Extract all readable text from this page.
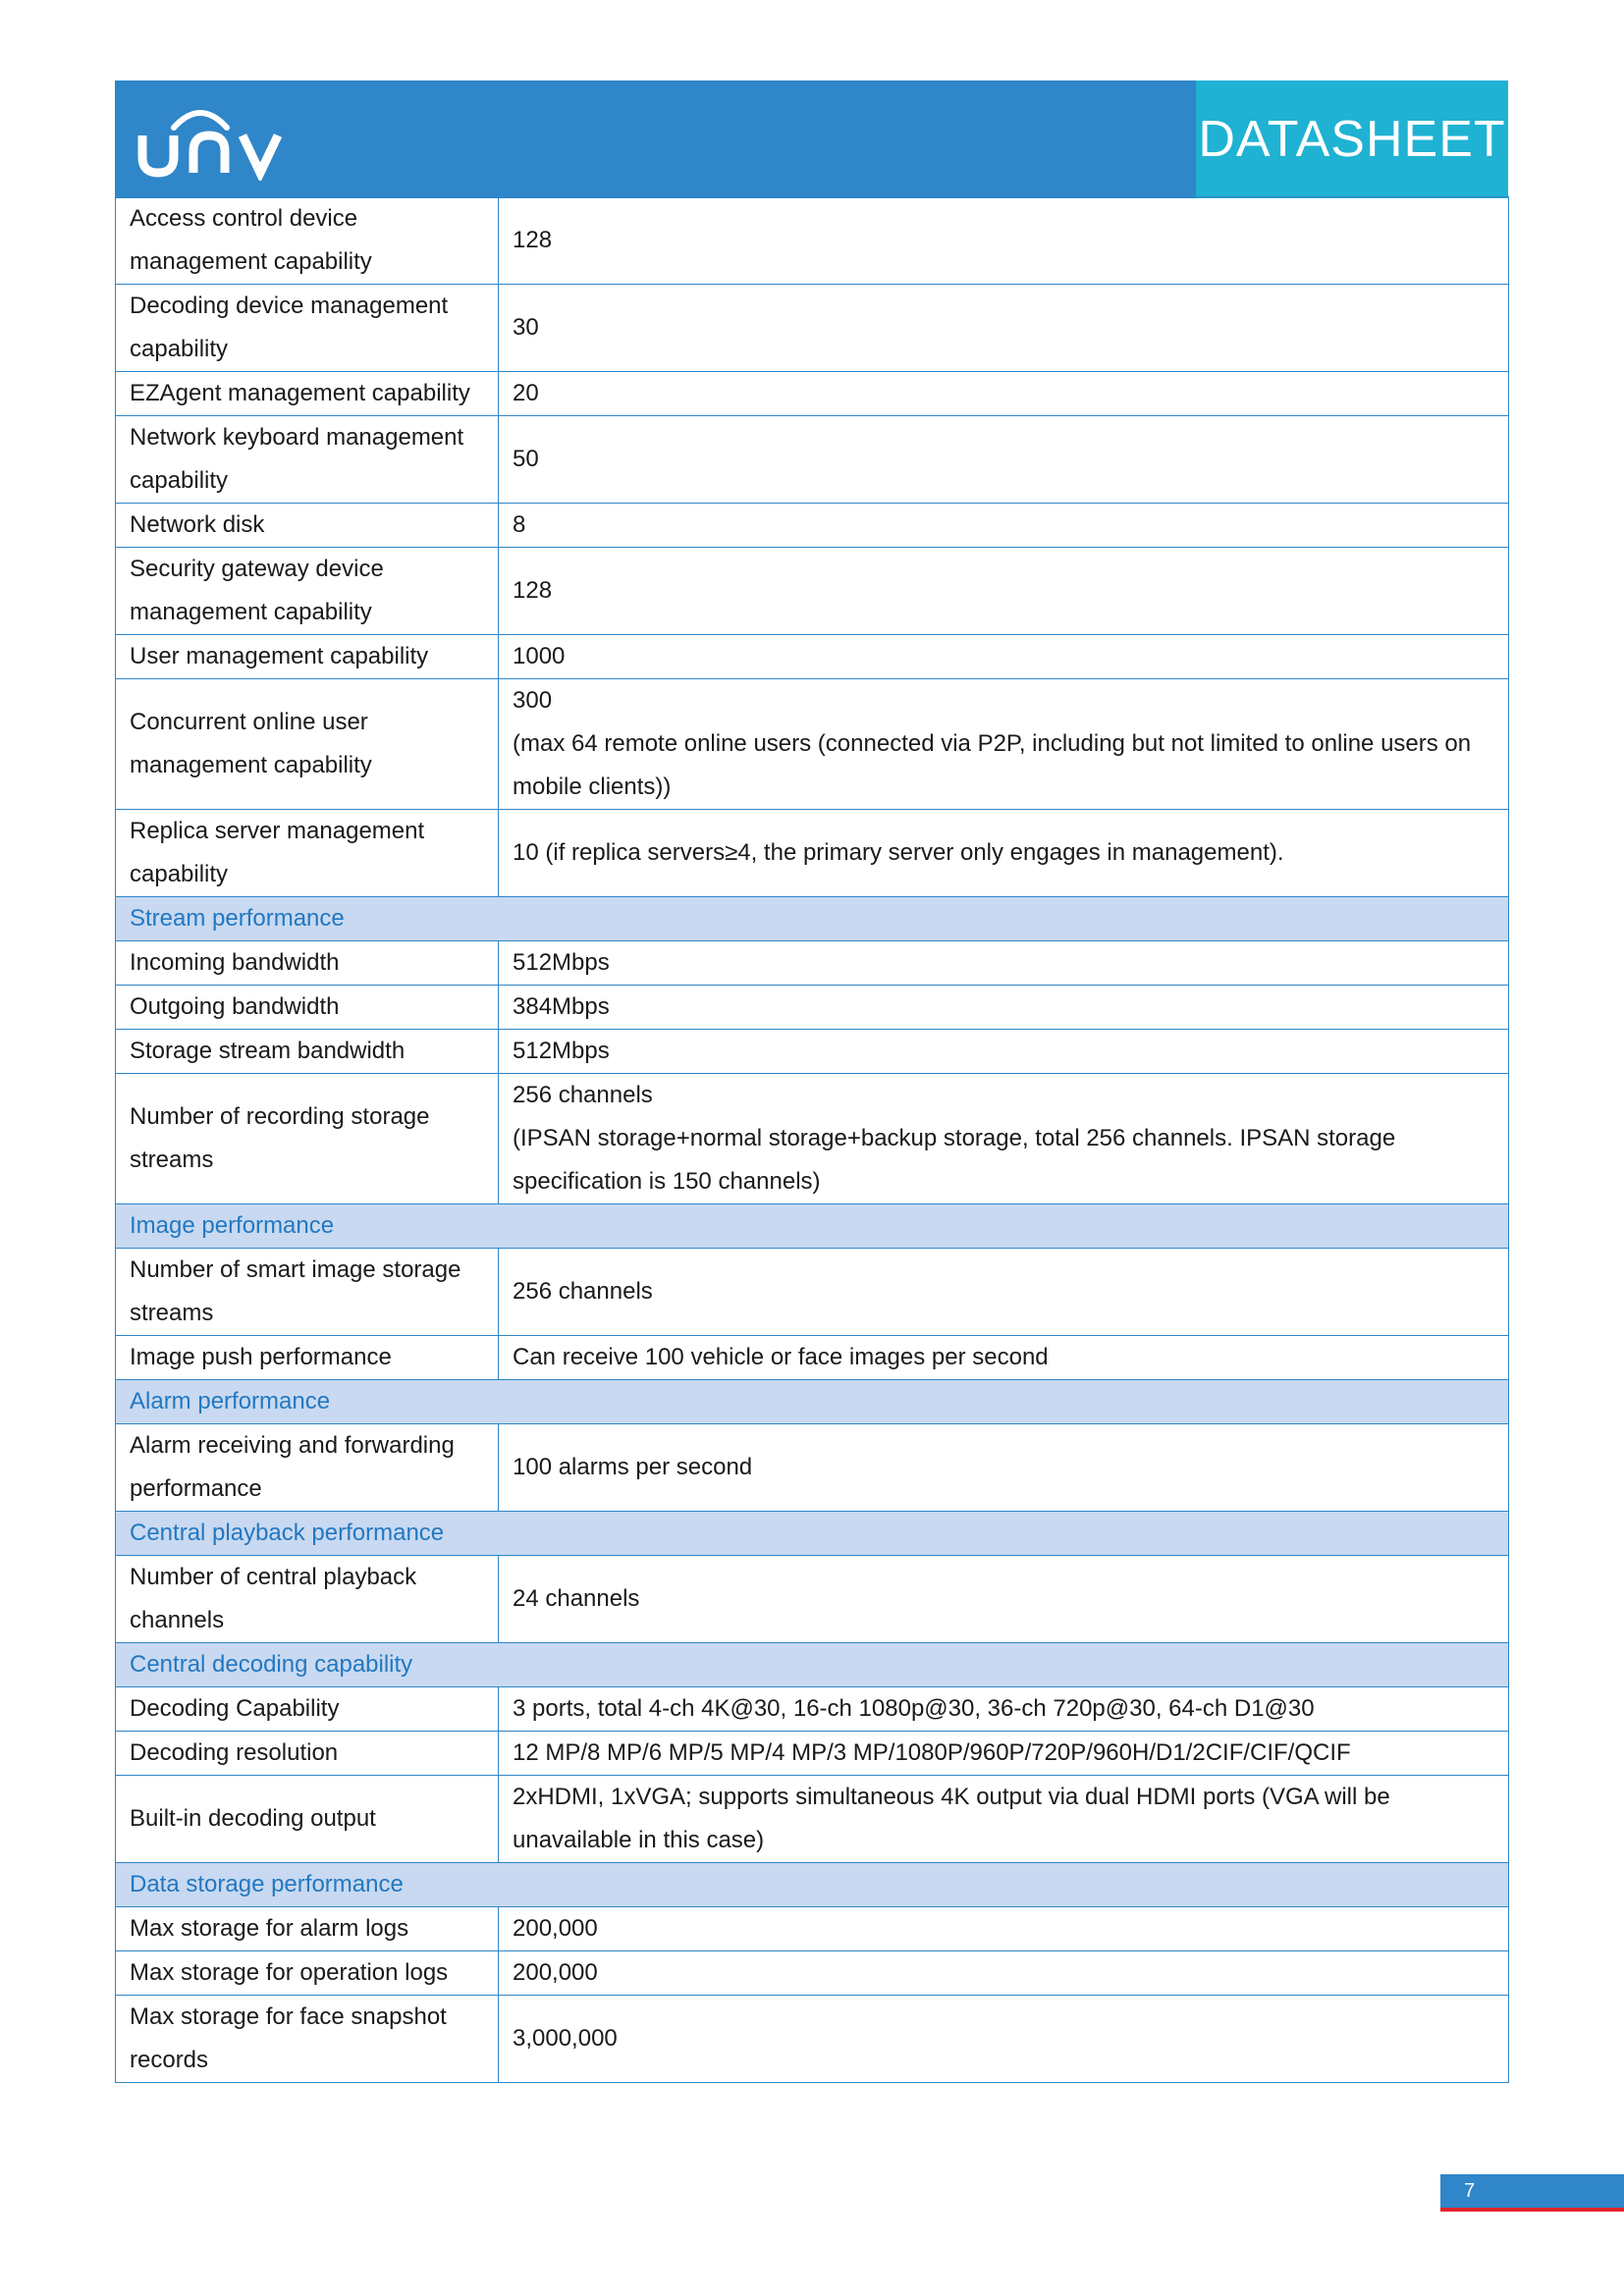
DATASHEET
Access control device management capability	128
Decoding device management capability	30
EZAgent management capability	20
Network keyboard management capability	50
Network disk	8
Security gateway device management capability	128
User management capability	1000
Concurrent online user management capability	300
(max 64 remote online users (connected via P2P, including but not limited to online users on mobile clients))
Replica server management capability	10 (if replica servers≥4, the primary server only engages in management).
Stream performance	
Incoming bandwidth	512Mbps
Outgoing bandwidth	384Mbps
Storage stream bandwidth	512Mbps
Number of recording storage streams	256 channels
(IPSAN storage+normal storage+backup storage, total 256 channels. IPSAN storage specification is 150 channels)
Image performance	
Number of smart image storage streams	256 channels
Image push performance	Can receive 100 vehicle or face images per second
Alarm performance	
Alarm receiving and forwarding performance	100 alarms per second
Central playback performance	
Number of central playback channels	24 channels
Central decoding capability	
Decoding Capability	3 ports, total 4-ch 4K@30, 16-ch 1080p@30, 36-ch 720p@30, 64-ch D1@30
Decoding resolution	12 MP/8 MP/6 MP/5 MP/4 MP/3 MP/1080P/960P/720P/960H/D1/2CIF/CIF/QCIF
Built-in decoding output	2xHDMI, 1xVGA; supports simultaneous 4K output via dual HDMI ports (VGA will be unavailable in this case)
Data storage performance	
Max storage for alarm logs	200,000
Max storage for operation logs	200,000
Max storage for face snapshot records	3,000,000
7
